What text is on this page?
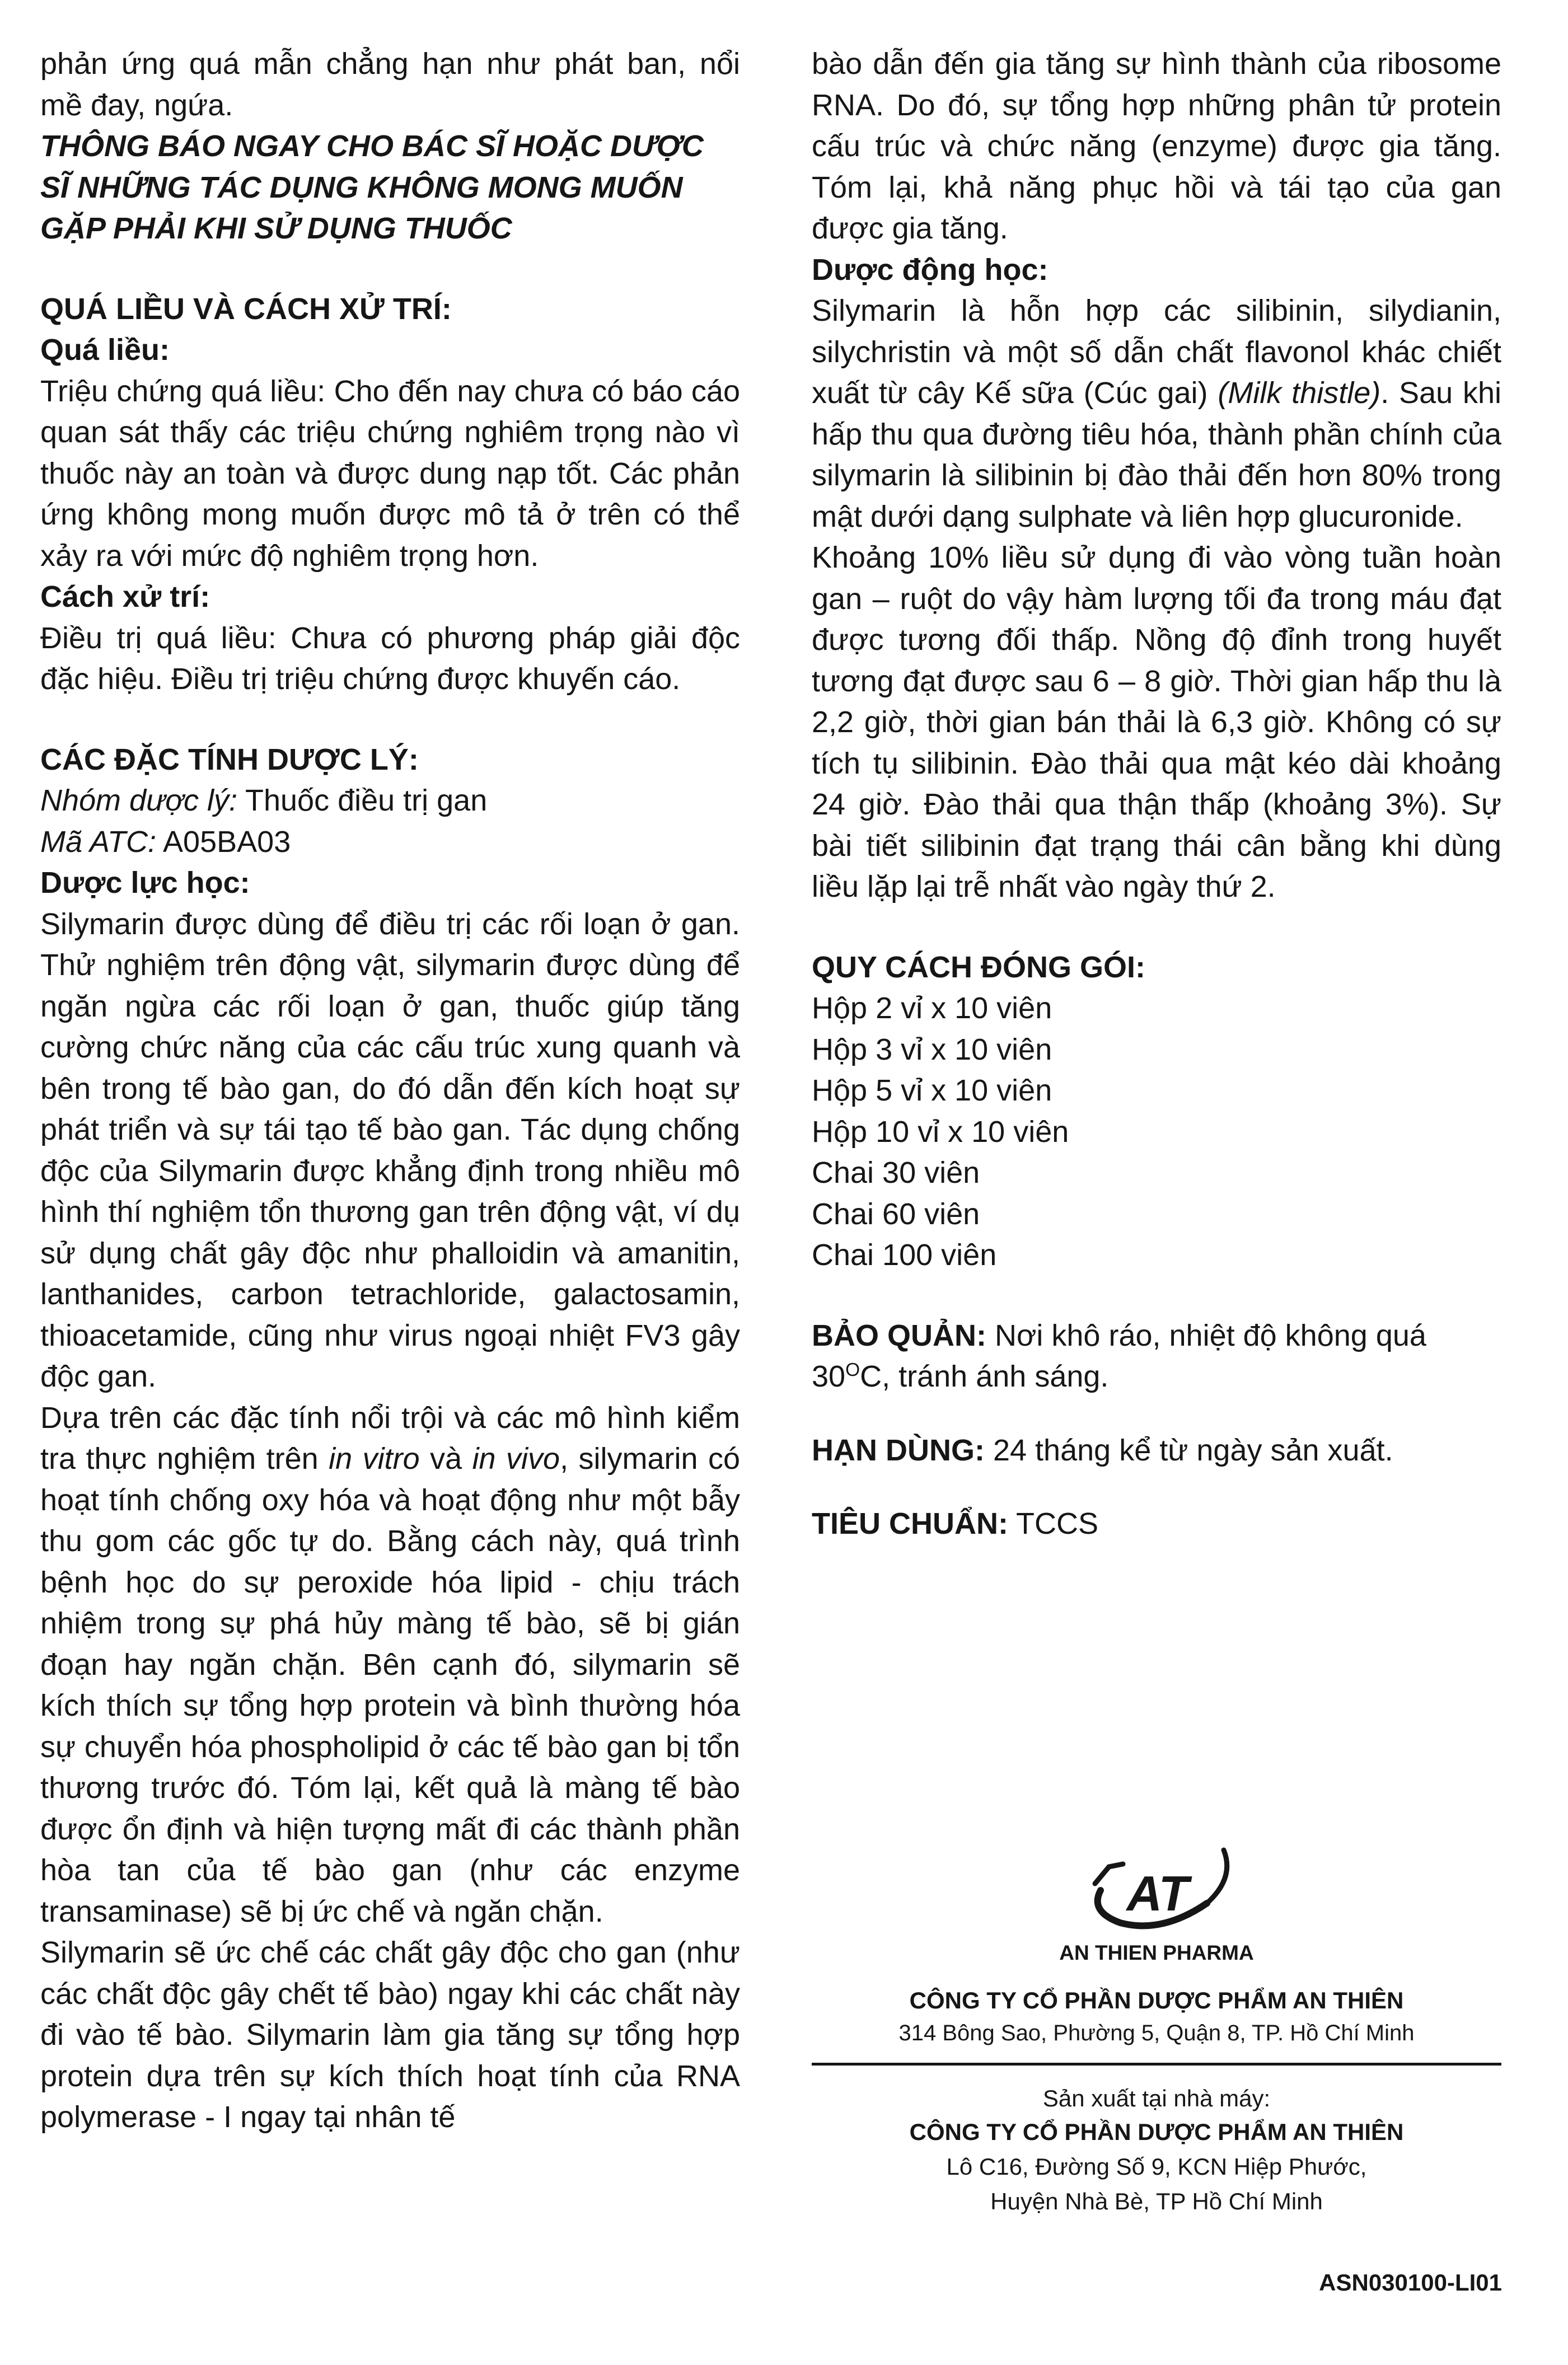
phản ứng quá mẫn chẳng hạn như phát ban, nổi mề đay, ngứa.

THÔNG BÁO NGAY CHO BÁC SĨ HOẶC DƯỢC SĨ NHỮNG TÁC DỤNG KHÔNG MONG MUỐN GẶP PHẢI KHI SỬ DỤNG THUỐC

QUÁ LIỀU VÀ CÁCH XỬ TRÍ:

Quá liều:

Triệu chứng quá liều: Cho đến nay chưa có báo cáo quan sát thấy các triệu chứng nghiêm trọng nào vì thuốc này an toàn và được dung nạp tốt. Các phản ứng không mong muốn được mô tả ở trên có thể xảy ra với mức độ nghiêm trọng hơn.

Cách xử trí:

Điều trị quá liều: Chưa có phương pháp giải độc đặc hiệu. Điều trị triệu chứng được khuyến cáo.

CÁC ĐẶC TÍNH DƯỢC LÝ:

Nhóm dược lý: Thuốc điều trị gan

Mã ATC: A05BA03

Dược lực học:

Silymarin được dùng để điều trị các rối loạn ở gan. Thử nghiệm trên động vật, silymarin được dùng để ngăn ngừa các rối loạn ở gan, thuốc giúp tăng cường chức năng của các cấu trúc xung quanh và bên trong tế bào gan, do đó dẫn đến kích hoạt sự phát triển và sự tái tạo tế bào gan. Tác dụng chống độc của Silymarin được khẳng định trong nhiều mô hình thí nghiệm tổn thương gan trên động vật, ví dụ sử dụng chất gây độc như phalloidin và amanitin, lanthanides, carbon tetrachloride, galactosamin, thioacetamide, cũng như virus ngoại nhiệt FV3 gây độc gan.

Dựa trên các đặc tính nổi trội và các mô hình kiểm tra thực nghiệm trên in vitro và in vivo, silymarin có hoạt tính chống oxy hóa và hoạt động như một bẫy thu gom các gốc tự do. Bằng cách này, quá trình bệnh học do sự peroxide hóa lipid - chịu trách nhiệm trong sự phá hủy màng tế bào, sẽ bị gián đoạn hay ngăn chặn. Bên cạnh đó, silymarin sẽ kích thích sự tổng hợp protein và bình thường hóa sự chuyển hóa phospholipid ở các tế bào gan bị tổn thương trước đó. Tóm lại, kết quả là màng tế bào được ổn định và hiện tượng mất đi các thành phần hòa tan của tế bào gan (như các enzyme transaminase) sẽ bị ức chế và ngăn chặn.

Silymarin sẽ ức chế các chất gây độc cho gan (như các chất độc gây chết tế bào) ngay khi các chất này đi vào tế bào. Silymarin làm gia tăng sự tổng hợp protein dựa trên sự kích thích hoạt tính của RNA polymerase - I ngay tại nhân tế

bào dẫn đến gia tăng sự hình thành của ribosome RNA. Do đó, sự tổng hợp những phân tử protein cấu trúc và chức năng (enzyme) được gia tăng. Tóm lại, khả năng phục hồi và tái tạo của gan được gia tăng.

Dược động học:

Silymarin là hỗn hợp các silibinin, silydianin, silychristin và một số dẫn chất flavonol khác chiết xuất từ cây Kế sữa (Cúc gai) (Milk thistle). Sau khi hấp thu qua đường tiêu hóa, thành phần chính của silymarin là silibinin bị đào thải đến hơn 80% trong mật dưới dạng sulphate và liên hợp glucuronide.

Khoảng 10% liều sử dụng đi vào vòng tuần hoàn gan – ruột do vậy hàm lượng tối đa trong máu đạt được tương đối thấp. Nồng độ đỉnh trong huyết tương đạt được sau 6 – 8 giờ. Thời gian hấp thu là 2,2 giờ, thời gian bán thải là 6,3 giờ. Không có sự tích tụ silibinin. Đào thải qua mật kéo dài khoảng 24 giờ. Đào thải qua thận thấp (khoảng 3%). Sự bài tiết silibinin đạt trạng thái cân bằng khi dùng liều lặp lại trễ nhất vào ngày thứ 2.

QUY CÁCH ĐÓNG GÓI:

Hộp 2 vỉ x 10 viên
Hộp 3 vỉ x 10 viên
Hộp 5 vỉ x 10 viên
Hộp 10 vỉ x 10 viên
Chai 30 viên
Chai 60 viên
Chai 100 viên

BẢO QUẢN: Nơi khô ráo, nhiệt độ không quá $30^OC$, tránh ánh sáng.

HẠN DÙNG: 24 tháng kể từ ngày sản xuất.

TIÊU CHUẨN: TCCS

AT
AN THIEN PHARMA
CÔNG TY CỔ PHẦN DƯỢC PHẨM AN THIÊN
314 Bông Sao, Phường 5, Quận 8, TP. Hồ Chí Minh
Sản xuất tại nhà máy:
CÔNG TY CỔ PHẦN DƯỢC PHẨM AN THIÊN
Lô C16, Đường Số 9, KCN Hiệp Phước,
Huyện Nhà Bè, TP Hồ Chí Minh
ASN030100-LI01
